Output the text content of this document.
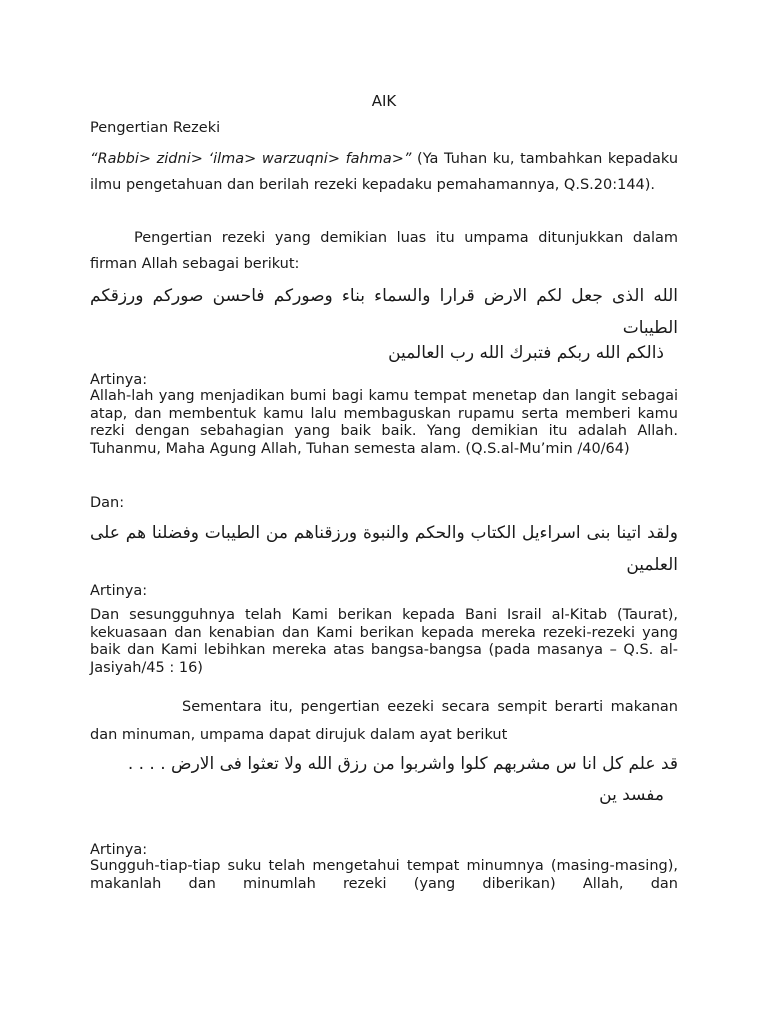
AIK

Pengertian Rezeki

“Rabbi> zidni> ‘ilma> warzuqni> fahma>” (Ya Tuhan ku, tambahkan kepadaku ilmu pengetahuan dan berilah rezeki kepadaku pemahamannya, Q.S.20:144).

Pengertian rezeki yang demikian luas itu umpama ditunjukkan dalam firman Allah sebagai berikut:

الله الذى جعل لكم الارض قرارا والسماء بناء وصوركم فاحسن صوركم ورزقكم الطيبات

ذالكم الله ربكم فتبرك الله رب العالمين

Artinya:

Allah-lah yang menjadikan bumi bagi kamu tempat menetap dan langit sebagai atap, dan membentuk kamu lalu membaguskan rupamu serta memberi kamu rezki dengan sebahagian yang baik baik. Yang demikian itu adalah Allah. Tuhanmu, Maha Agung Allah, Tuhan semesta alam. (Q.S.al-Mu’min /40/64)

Dan:

ولقد اتينا بنى اسراءيل الكتاب والحكم والنبوة ورزقناهم من الطيبات وفضلنا هم على العلمين

Artinya:

Dan sesungguhnya telah Kami berikan kepada Bani Israil al-Kitab (Taurat), kekuasaan dan kenabian dan Kami berikan kepada mereka rezeki-rezeki yang baik dan Kami lebihkan mereka atas bangsa-bangsa (pada masanya – Q.S. al-Jasiyah/45 : 16)

Sementara itu, pengertian eezeki secara sempit berarti makanan dan minuman, umpama dapat dirujuk dalam ayat berikut

قد علم كل انا س مشربهم كلوا واشربوا من رزق الله ولا تعثوا فى الارض . . . .

مفسد ين

Artinya:

Sungguh-tiap-tiap suku telah mengetahui tempat minumnya (masing-masing), makanlah dan minumlah rezeki (yang diberikan) Allah, dan
